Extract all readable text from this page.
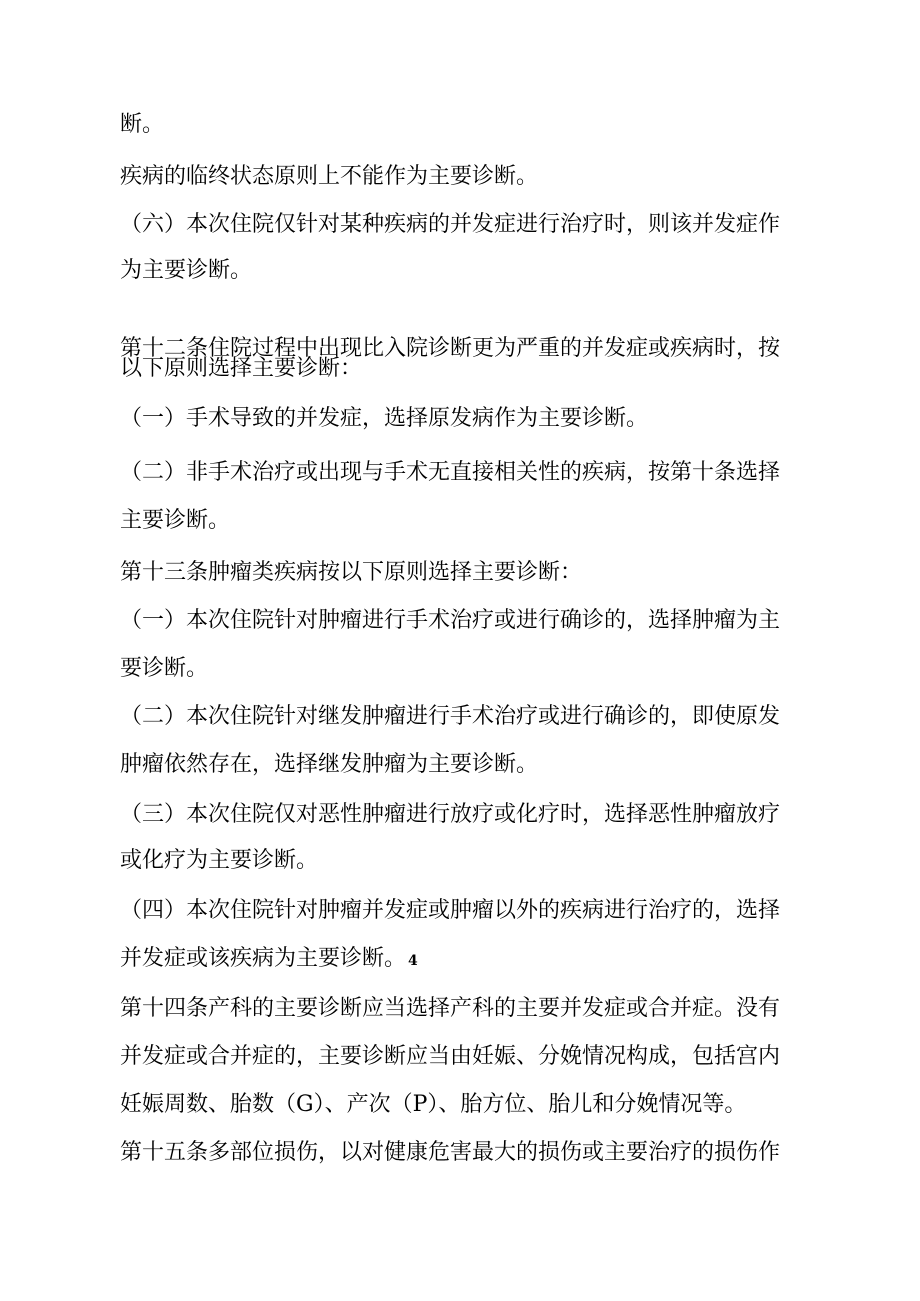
断。
疾病的临终状态原则上不能作为主要诊断。
（六）本次住院仅针对某种疾病的并发症进行治疗时，则该并发症作
为主要诊断。
第十二条住院过程中出现比入院诊断更为严重的并发症或疾病时，按
以下原则选择主要诊断：
（一）手术导致的并发症，选择原发病作为主要诊断。
（二）非手术治疗或出现与手术无直接相关性的疾病，按第十条选择
主要诊断。
第十三条肿瘤类疾病按以下原则选择主要诊断：
（一）本次住院针对肿瘤进行手术治疗或进行确诊的，选择肿瘤为主
要诊断。
（二）本次住院针对继发肿瘤进行手术治疗或进行确诊的，即使原发
肿瘤依然存在，选择继发肿瘤为主要诊断。
（三）本次住院仅对恶性肿瘤进行放疗或化疗时，选择恶性肿瘤放疗
或化疗为主要诊断。
（四）本次住院针对肿瘤并发症或肿瘤以外的疾病进行治疗的，选择
并发症或该疾病为主要诊断。 4
第十四条产科的主要诊断应当选择产科的主要并发症或合并症。没有
并发症或合并症的，主要诊断应当由妊娠、分娩情况构成，包括宫内
妊娠周数、胎数（G）、产次（P）、胎方位、胎儿和分娩情况等。
第十五条多部位损伤，以对健康危害最大的损伤或主要治疗的损伤作
